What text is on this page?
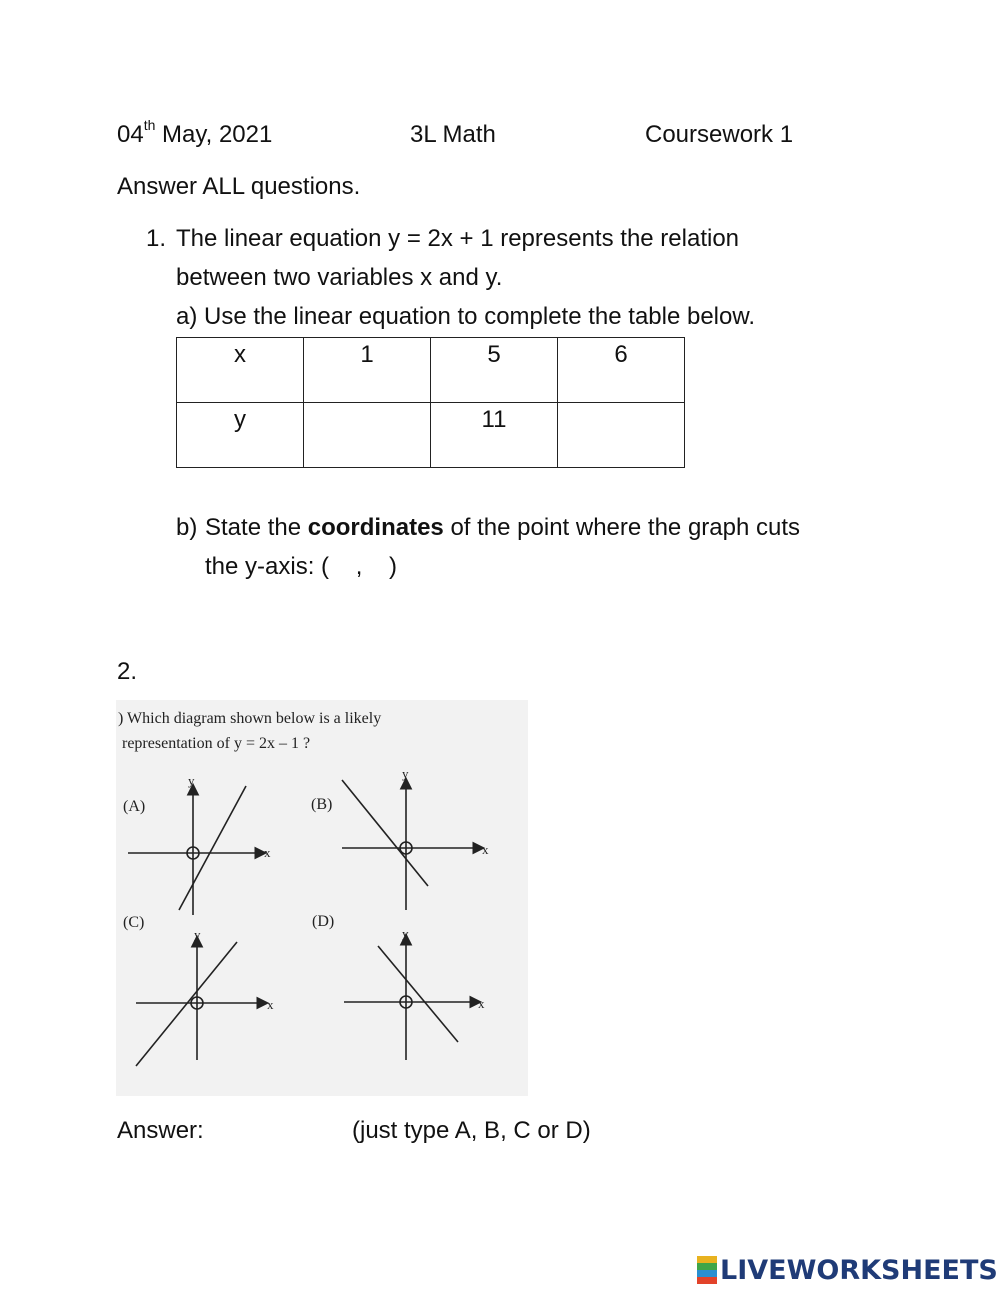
04th May, 2021	3L Math	Coursework 1
Answer ALL questions.
1. The linear equation y = 2x + 1 represents the relation
between two variables x and y.
a) Use the linear equation to complete the table below.
x	1	5	6
y		11	
b) State the coordinates of the point where the graph cuts
the y-axis: (    ,    )
2.
) Which diagram shown below is a likely
representation of y = 2x – 1 ?
(A)	(B)
(C)	(D)
y
x
y
x
y
x
y
x
Answer:	(just type A, B, C or D)
LIVEWORKSHEETS
